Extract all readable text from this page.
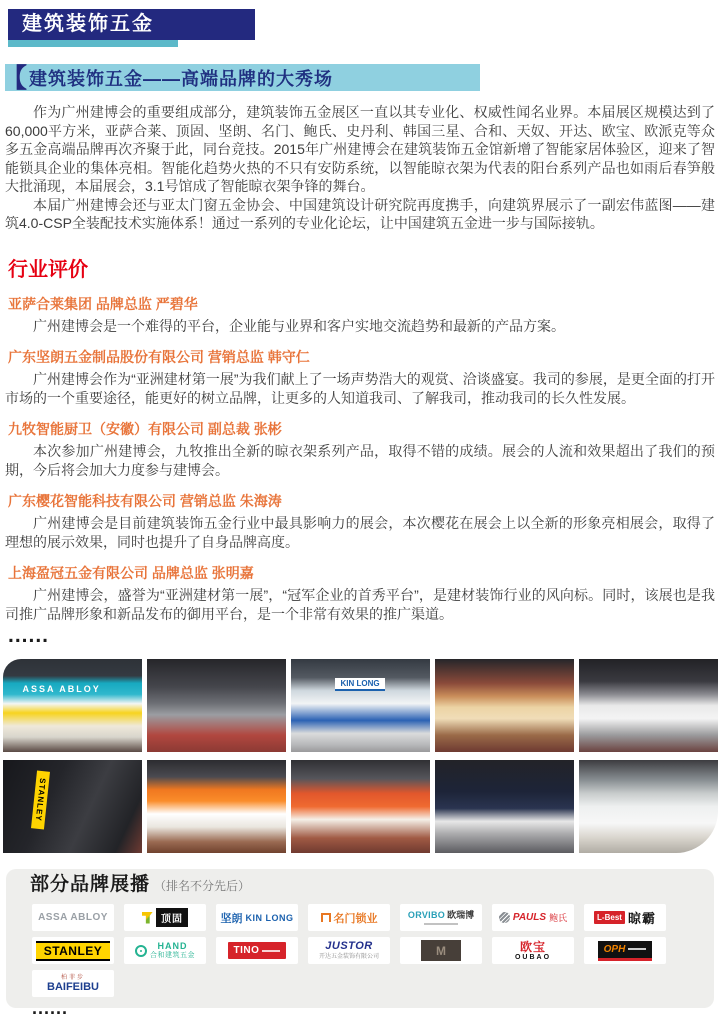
建筑装饰五金
【 建筑装饰五金——高端品牌的大秀场

作为广州建博会的重要组成部分，建筑装饰五金展区一直以其专业化、权威性闻名业界。本届展区规模达到了60,000平方米，亚萨合莱、顶固、坚朗、名门、鲍氏、史丹利、韩国三星、合和、天奴、开达、欧宝、欧派克等众多五金高端品牌再次齐聚于此，同台竞技。2015年广州建博会在建筑装饰五金馆新增了智能家居体验区，迎来了智能锁具企业的集体亮相。智能化趋势火热的不只有安防系统，以智能晾衣架为代表的阳台系列产品也如雨后春笋般大批涌现，本届展会，3.1号馆成了智能晾衣架争锋的舞台。

本届广州建博会还与亚太门窗五金协会、中国建筑设计研究院再度携手，向建筑界展示了一副宏伟蓝图——建筑4.0-CSP全装配技术实施体系！通过一系列的专业化论坛，让中国建筑五金进一步与国际接轨。

行业评价
亚萨合莱集团 品牌总监 严碧华

广州建博会是一个难得的平台，企业能与业界和客户实地交流趋势和最新的产品方案。

广东坚朗五金制品股份有限公司 营销总监 韩守仁

广州建博会作为“亚洲建材第一展”为我们献上了一场声势浩大的观赏、洽谈盛宴。我司的参展，是更全面的打开市场的一个重要途径，能更好的树立品牌，让更多的人知道我司、了解我司，推动我司的长久性发展。

九牧智能厨卫（安徽）有限公司 副总裁 张彬

本次参加广州建博会，九牧推出全新的晾衣架系列产品，取得不错的成绩。展会的人流和效果超出了我们的预期，今后将会加大力度参与建博会。

广东樱花智能科技有限公司 营销总监 朱海涛

广州建博会是目前建筑装饰五金行业中最具影响力的展会，本次樱花在展会上以全新的形象亮相展会，取得了理想的展示效果，同时也提升了自身品牌高度。

上海盈冠五金有限公司 品牌总监 张明嘉

广州建博会，盛誉为“亚洲建材第一展”，“冠军企业的首秀平台”，是建材装饰行业的风向标。同时，该展也是我司推广品牌形象和新品发布的御用平台，是一个非常有效果的推广渠道。

......
ASSA ABLOY
KIN LONG
STANLEY
部分品牌展播 （排名不分先后）
ASSA ABLOY	顶固	坚朗 KIN LONG	名门锁业	ORVIBO 欧瑞博	PAULS 鲍氏	L-Best 晾霸
STANLEY	HAND
合和建筑五金	TINO	JUSTOR
开达五金装饰有限公司	M	欧宝
OUBAO
OPH
柏菲步
BAIFEIBU
......
